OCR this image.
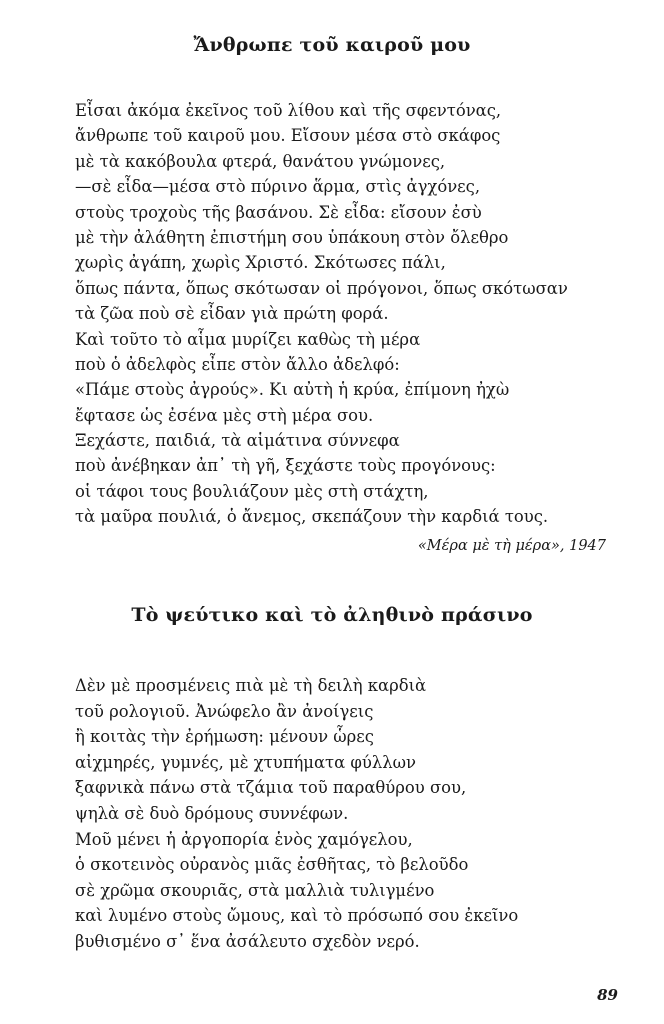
Ἄνθρωπε τοῦ καιροῦ μου
Εἶσαι ἀκόμα ἐκεῖνος τοῦ λίθου καὶ τῆς σφεντόνας,
ἄνθρωπε τοῦ καιροῦ μου. Εἴσουν μέσα στὸ σκάφος
μὲ τὰ κακόβουλα φτερά, θανάτου γνώμονες,
—σὲ εἶδα—μέσα στὸ πύρινο ἅρμα, στὶς ἀγχόνες,
στοὺς τροχοὺς τῆς βασάνου. Σὲ εἶδα: εἴσουν ἐσὺ
μὲ τὴν ἀλάθητη ἐπιστήμη σου ὑπάκουη στὸν ὄλεθρο
χωρὶς ἀγάπη, χωρὶς Χριστό. Σκότωσες πάλι,
ὅπως πάντα, ὅπως σκότωσαν οἱ πρόγονοι, ὅπως σκότωσαν
τὰ ζῶα ποὺ σὲ εἶδαν γιὰ πρώτη φορά.
Καὶ τοῦτο τὸ αἷμα μυρίζει καθὼς τὴ μέρα
ποὺ ὁ ἀδελφὸς εἶπε στὸν ἄλλο ἀδελφό:
«Πάμε στοὺς ἀγρούς». Κι αὐτὴ ἡ κρύα, ἐπίμονη ἠχὼ
ἔφτασε ὡς ἐσένα μὲς στὴ μέρα σου.
Ξεχάστε, παιδιά, τὰ αἱμάτινα σύννεφα
ποὺ ἀνέβηκαν ἀπ᾿ τὴ γῆ, ξεχάστε τοὺς προγόνους:
οἱ τάφοι τους βουλιάζουν μὲς στὴ στάχτη,
τὰ μαῦρα πουλιά, ὁ ἄνεμος, σκεπάζουν τὴν καρδιά τους.
«Μέρα μὲ τὴ μέρα», 1947
Τὸ ψεύτικο καὶ τὸ ἀληθινὸ πράσινο
Δὲν μὲ προσμένεις πιὰ μὲ τὴ δειλὴ καρδιὰ
τοῦ ρολογιοῦ. Ἀνώφελο ἂν ἀνοίγεις
ἢ κοιτὰς τὴν ἐρήμωση: μένουν ὧρες
αἰχμηρές, γυμνές, μὲ χτυπήματα φύλλων
ξαφνικὰ πάνω στὰ τζάμια τοῦ παραθύρου σου,
ψηλὰ σὲ δυὸ δρόμους συννέφων.
Μοῦ μένει ἡ ἀργοπορία ἑνὸς χαμόγελου,
ὁ σκοτεινὸς οὐρανὸς μιᾶς ἐσθῆτας, τὸ βελοῦδο
σὲ χρῶμα σκουριᾶς, στὰ μαλλιὰ τυλιγμένο
καὶ λυμένο στοὺς ὤμους, καὶ τὸ πρόσωπό σου ἐκεῖνο
βυθισμένο σ᾿ ἕνα ἀσάλευτο σχεδὸν νερό.
89
